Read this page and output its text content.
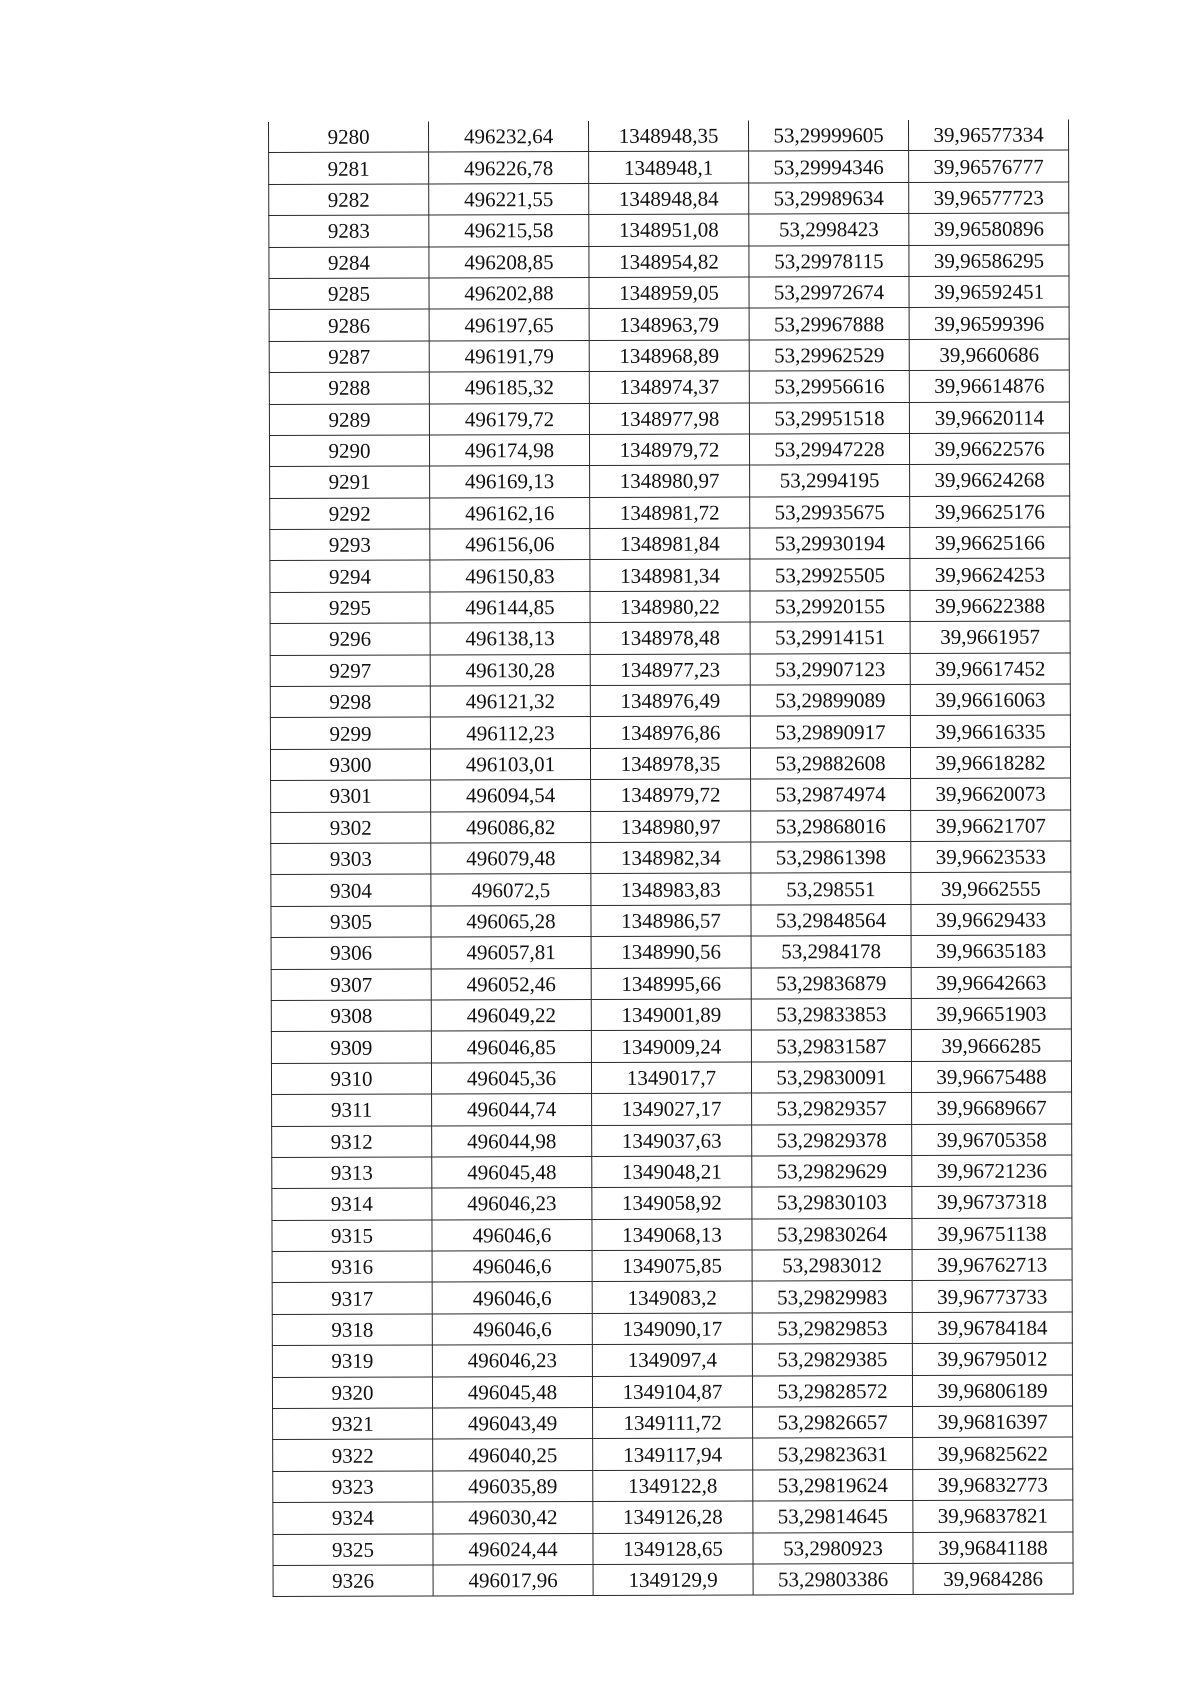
9280	496232,64	1348948,35	53,29999605	39,96577334
9281	496226,78	1348948,1	53,29994346	39,96576777
9282	496221,55	1348948,84	53,29989634	39,96577723
9283	496215,58	1348951,08	53,2998423	39,96580896
9284	496208,85	1348954,82	53,29978115	39,96586295
9285	496202,88	1348959,05	53,29972674	39,96592451
9286	496197,65	1348963,79	53,29967888	39,96599396
9287	496191,79	1348968,89	53,29962529	39,9660686
9288	496185,32	1348974,37	53,29956616	39,96614876
9289	496179,72	1348977,98	53,29951518	39,96620114
9290	496174,98	1348979,72	53,29947228	39,96622576
9291	496169,13	1348980,97	53,2994195	39,96624268
9292	496162,16	1348981,72	53,29935675	39,96625176
9293	496156,06	1348981,84	53,29930194	39,96625166
9294	496150,83	1348981,34	53,29925505	39,96624253
9295	496144,85	1348980,22	53,29920155	39,96622388
9296	496138,13	1348978,48	53,29914151	39,9661957
9297	496130,28	1348977,23	53,29907123	39,96617452
9298	496121,32	1348976,49	53,29899089	39,96616063
9299	496112,23	1348976,86	53,29890917	39,96616335
9300	496103,01	1348978,35	53,29882608	39,96618282
9301	496094,54	1348979,72	53,29874974	39,96620073
9302	496086,82	1348980,97	53,29868016	39,96621707
9303	496079,48	1348982,34	53,29861398	39,96623533
9304	496072,5	1348983,83	53,298551	39,9662555
9305	496065,28	1348986,57	53,29848564	39,96629433
9306	496057,81	1348990,56	53,2984178	39,96635183
9307	496052,46	1348995,66	53,29836879	39,96642663
9308	496049,22	1349001,89	53,29833853	39,96651903
9309	496046,85	1349009,24	53,29831587	39,9666285
9310	496045,36	1349017,7	53,29830091	39,96675488
9311	496044,74	1349027,17	53,29829357	39,96689667
9312	496044,98	1349037,63	53,29829378	39,96705358
9313	496045,48	1349048,21	53,29829629	39,96721236
9314	496046,23	1349058,92	53,29830103	39,96737318
9315	496046,6	1349068,13	53,29830264	39,96751138
9316	496046,6	1349075,85	53,2983012	39,96762713
9317	496046,6	1349083,2	53,29829983	39,96773733
9318	496046,6	1349090,17	53,29829853	39,96784184
9319	496046,23	1349097,4	53,29829385	39,96795012
9320	496045,48	1349104,87	53,29828572	39,96806189
9321	496043,49	1349111,72	53,29826657	39,96816397
9322	496040,25	1349117,94	53,29823631	39,96825622
9323	496035,89	1349122,8	53,29819624	39,96832773
9324	496030,42	1349126,28	53,29814645	39,96837821
9325	496024,44	1349128,65	53,2980923	39,96841188
9326	496017,96	1349129,9	53,29803386	39,9684286
